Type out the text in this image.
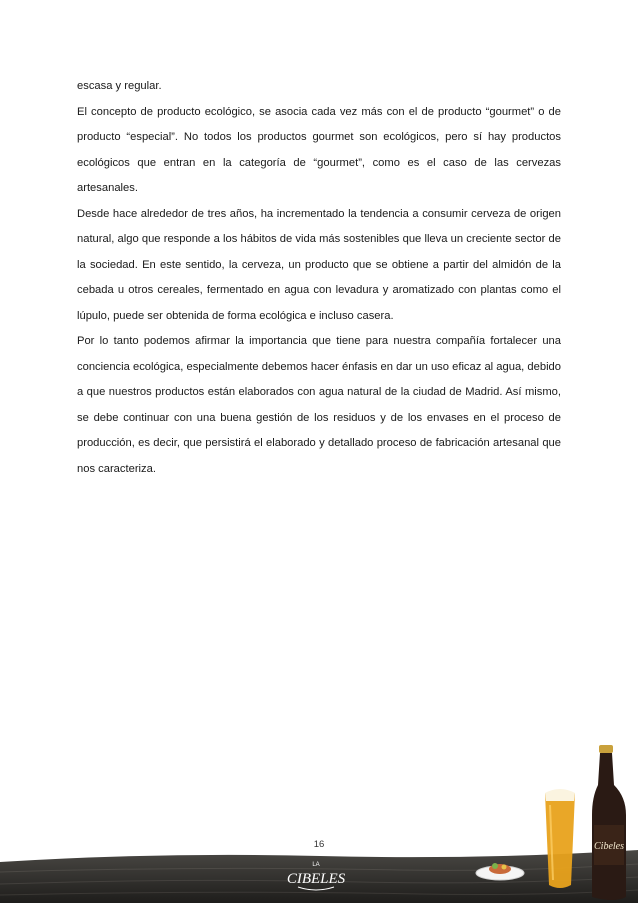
escasa y regular.

El concepto de producto ecológico, se asocia cada vez más con el de producto “gourmet” o de producto “especial”. No todos los productos gourmet son ecológicos, pero sí hay productos ecológicos que entran en la categoría de “gourmet”, como es el caso de las cervezas artesanales.

Desde hace alrededor de tres años, ha incrementado la tendencia a consumir cerveza de origen natural, algo que responde a los hábitos de vida más sostenibles que lleva un creciente sector de la sociedad. En este sentido, la cerveza, un producto que se obtiene a partir del almidón de la cebada u otros cereales, fermentado en agua con levadura y aromatizado con plantas como el lúpulo, puede ser obtenida de forma ecológica e incluso casera.

Por lo tanto podemos afirmar la importancia que tiene para nuestra compañía fortalecer una conciencia ecológica, especialmente debemos hacer énfasis en dar un uso eficaz al agua, debido a que nuestros productos están elaborados con agua natural de la ciudad de Madrid. Así mismo, se debe continuar con una buena gestión de los residuos y de los envases en el proceso de producción, es decir, que persistirá el elaborado y detallado proceso de fabricación artesanal que nos caracteriza.

16
LA
CIBELES
Cibeles
